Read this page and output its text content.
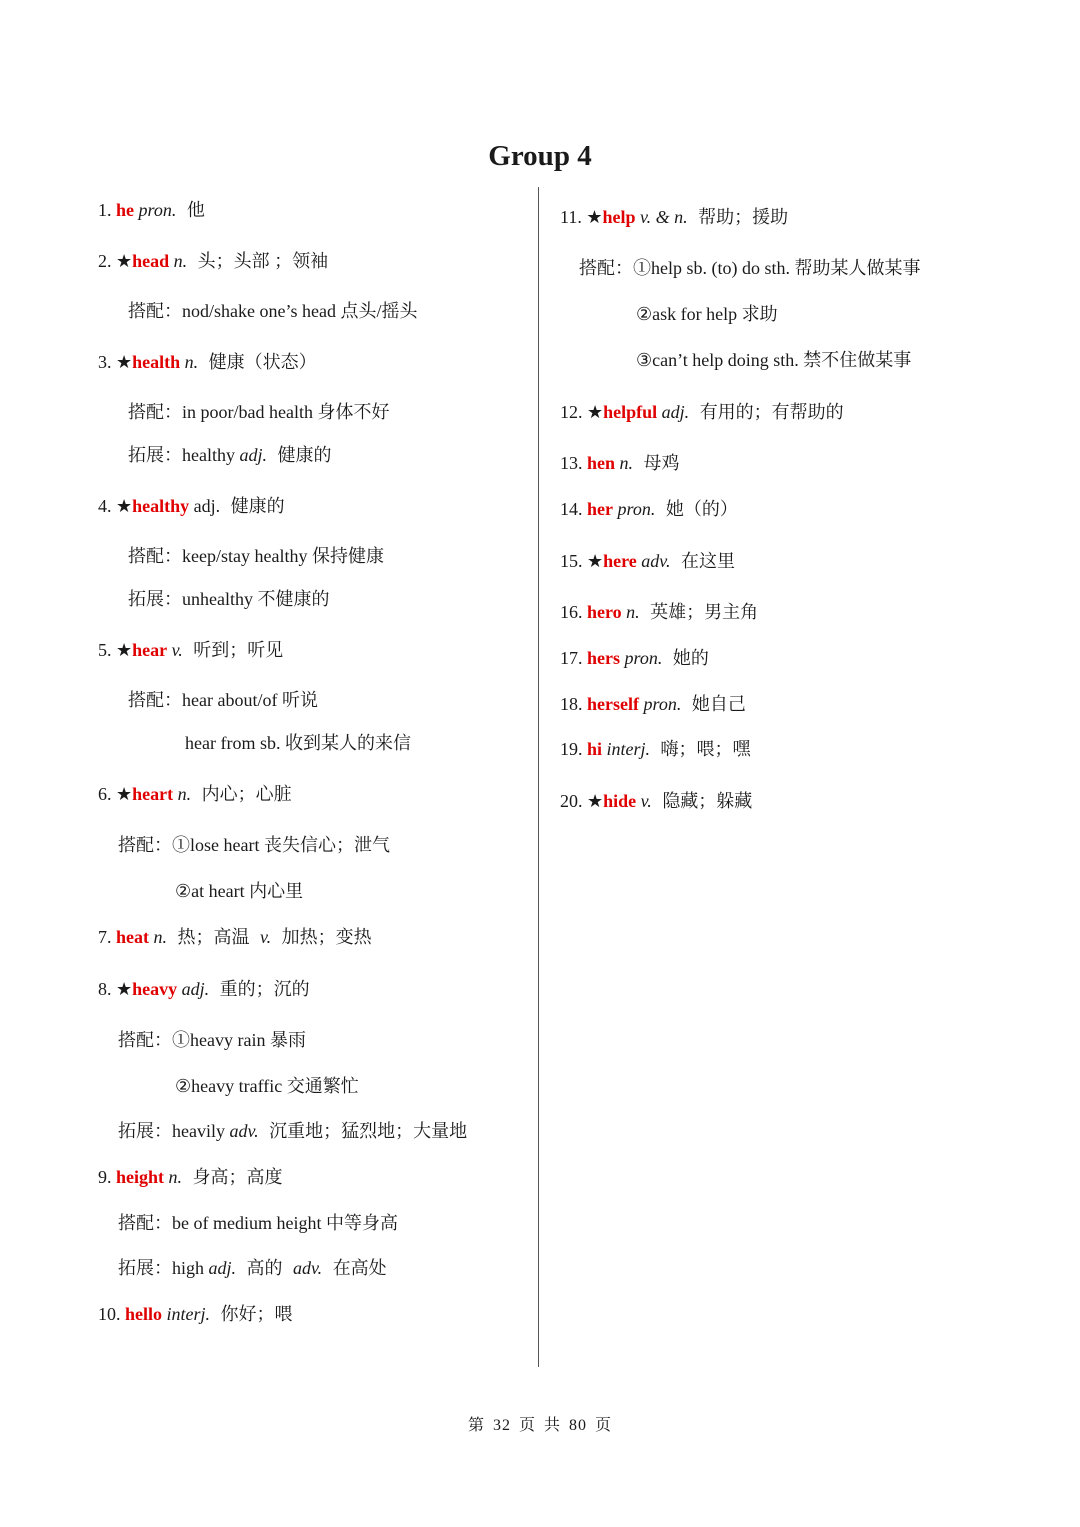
Group 4
1. he pron. 他
2. ★head n. 头；头部 ；领袖
搭配：nod/shake one’s head 点头/摇头
3. ★health n. 健康（状态）
搭配：in poor/bad health 身体不好
拓展：healthy adj. 健康的
4. ★healthy adj. 健康的
搭配：keep/stay healthy 保持健康
拓展：unhealthy 不健康的
5. ★hear v. 听到；听见
搭配：hear about/of 听说
hear from sb. 收到某人的来信
6. ★heart n. 内心；心脏
搭配：①lose heart 丧失信心；泄气
②at heart 内心里
7. heat n. 热；高温 v. 加热；变热
8. ★heavy adj. 重的；沉的
搭配：①heavy rain 暴雨
②heavy traffic 交通繁忙
拓展：heavily adv. 沉重地；猛烈地；大量地
9. height n. 身高；高度
搭配：be of medium height 中等身高
拓展：high adj. 高的 adv. 在高处
10. hello interj. 你好；喂
11. ★help v. & n. 帮助；援助
搭配：①help sb. (to) do sth. 帮助某人做某事
②ask for help 求助
③can’t help doing sth. 禁不住做某事
12. ★helpful adj. 有用的；有帮助的
13. hen n. 母鸡
14. her pron. 她（的）
15. ★here adv. 在这里
16. hero n. 英雄；男主角
17. hers pron. 她的
18. herself pron. 她自己
19. hi interj. 嗨；喂；嘿
20. ★hide v. 隐藏；躲藏
第 32 页 共 80 页
